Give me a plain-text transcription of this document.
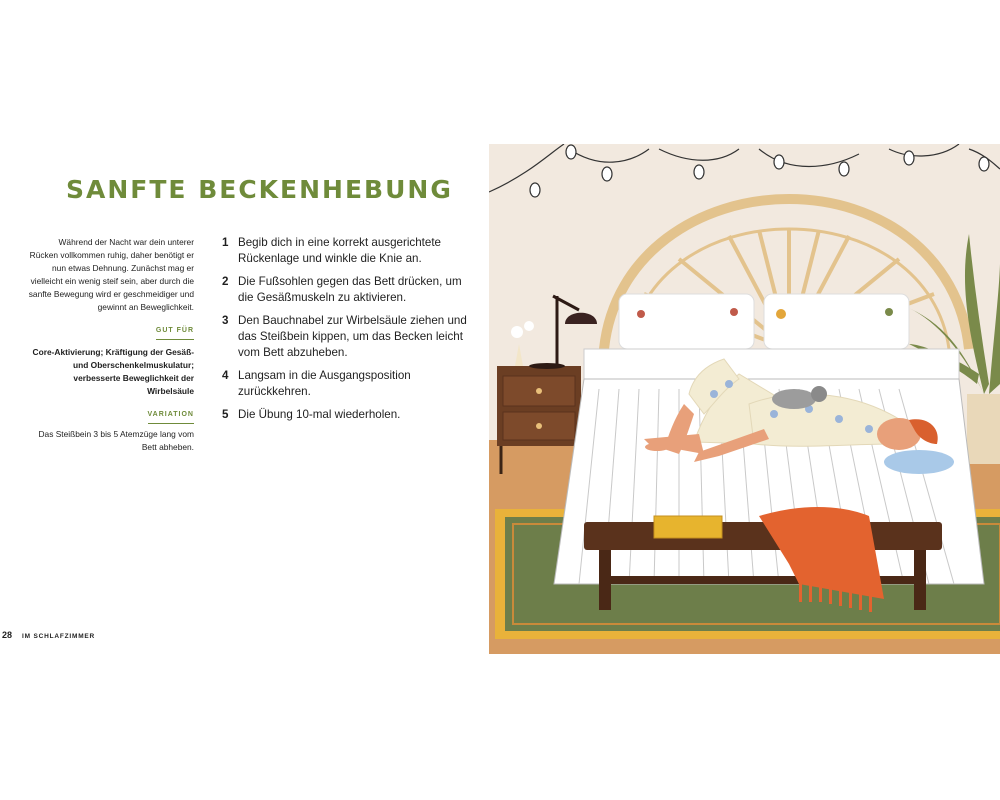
SANFTE BECKENHEBUNG

Während der Nacht war dein unterer Rücken vollkommen ruhig, daher benötigt er nun etwas Dehnung. Zunächst mag er vielleicht ein wenig steif sein, aber durch die sanfte Bewegung wird er geschmeidiger und gewinnt an Beweglichkeit.

GUT FÜR

Core-Aktivierung; Kräftigung der Gesäß- und Oberschenkelmuskulatur; verbesserte Beweglichkeit der Wirbelsäule

VARIATION

Das Steißbein 3 bis 5 Atemzüge lang vom Bett abheben.

1 Begib dich in eine korrekt ausgerichtete Rückenlage und winkle die Knie an.
2 Die Fußsohlen gegen das Bett drücken, um die Gesäßmuskeln zu aktivieren.
3 Den Bauchnabel zur Wirbelsäule ziehen und das Steißbein kippen, um das Becken leicht vom Bett abzuheben.
4 Langsam in die Ausgangsposition zurückkehren.
5 Die Übung 10-mal wiederholen.
28 IM SCHLAFZIMMER
